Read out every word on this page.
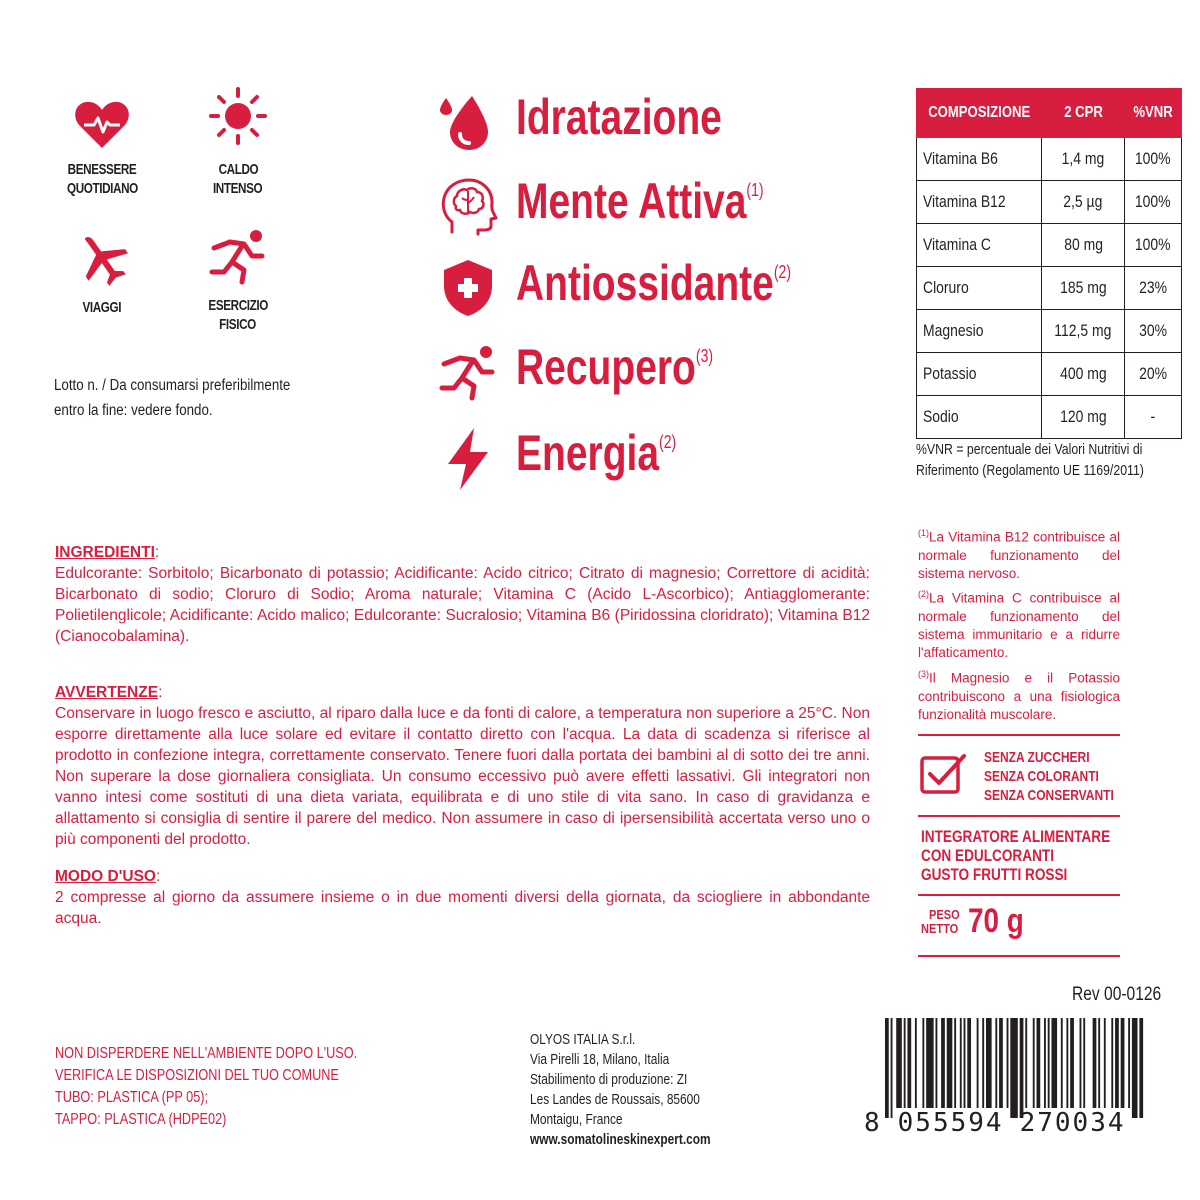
BENESSERE
QUOTIDIANO
CALDO
INTENSO
VIAGGI	ESERCIZIO
FISICO
Lotto n. / Da consumarsi preferibilmente
entro la fine: vedere fondo.
Idratazione
Mente Attiva$^{(1)}$
Antiossidante$^{(2)}$
Recupero$^{(3)}$
Energia$^{(2)}$
COMPOSIZIONE	2 CPR	%VNR
Vitamina B6	1,4 mg	100%
Vitamina B12	2,5 µg	100%
Vitamina C	80 mg	100%
Cloruro	185 mg	23%
Magnesio	112,5 mg	30%
Potassio	400 mg	20%
Sodio	120 mg	-
%VNR = percentuale dei Valori Nutritivi di
Riferimento (Regolamento UE 1169/2011)
INGREDIENTI:
Edulcorante: Sorbitolo; Bicarbonato di potassio; Acidificante: Acido citrico; Citrato di magnesio; Correttore di acidità: Bicarbonato di sodio; Cloruro di Sodio; Aroma naturale; Vitamina C (Acido L-Ascorbico); Antiagglomerante: Polietilenglicole; Acidificante: Acido malico; Edulcorante: Sucralosio; Vitamina B6 (Piridossina cloridrato); Vitamina B12 (Cianocobalamina).
AVVERTENZE:
Conservare in luogo fresco e asciutto, al riparo dalla luce e da fonti di calore, a temperatura non superiore a 25°C. Non esporre direttamente alla luce solare ed evitare il contatto diretto con l'acqua. La data di scadenza si riferisce al prodotto in confezione integra, correttamente conservato. Tenere fuori dalla portata dei bambini al di sotto dei tre anni. Non superare la dose giornaliera consigliata. Un consumo eccessivo può avere effetti lassativi. Gli integratori non vanno intesi come sostituti di una dieta variata, equilibrata e di uno stile di vita sano. In caso di gravidanza e allattamento si consiglia di sentire il parere del medico. Non assumere in caso di ipersensibilità accertata verso uno o più componenti del prodotto.
MODO D'USO:
2 compresse al giorno da assumere insieme o in due momenti diversi della giornata, da sciogliere in abbondante acqua.
$^{(1)}$La Vitamina B12 contribuisce al normale funzionamento del sistema nervoso.
$^{(2)}$La Vitamina C contribuisce al normale funzionamento del sistema immunitario e a ridurre l'affaticamento.
$^{(3)}$Il Magnesio e il Potassio contribuiscono a una fisiologica funzionalità muscolare.
SENZA ZUCCHERI
SENZA COLORANTI
SENZA CONSERVANTI
INTEGRATORE ALIMENTARE
CON EDULCORANTI
GUSTO FRUTTI ROSSI
PESO
NETTO 70 g
Rev 00-0126
NON DISPERDERE NELL'AMBIENTE DOPO L'USO.
VERIFICA LE DISPOSIZIONI DEL TUO COMUNE
TUBO: PLASTICA (PP 05);
TAPPO: PLASTICA (HDPE02)
OLYOS ITALIA S.r.l.
Via Pirelli 18, Milano, Italia
Stabilimento di produzione: ZI
Les Landes de Roussais, 85600
Montaigu, France
www.somatolineskinexpert.com
8 055594 270034
